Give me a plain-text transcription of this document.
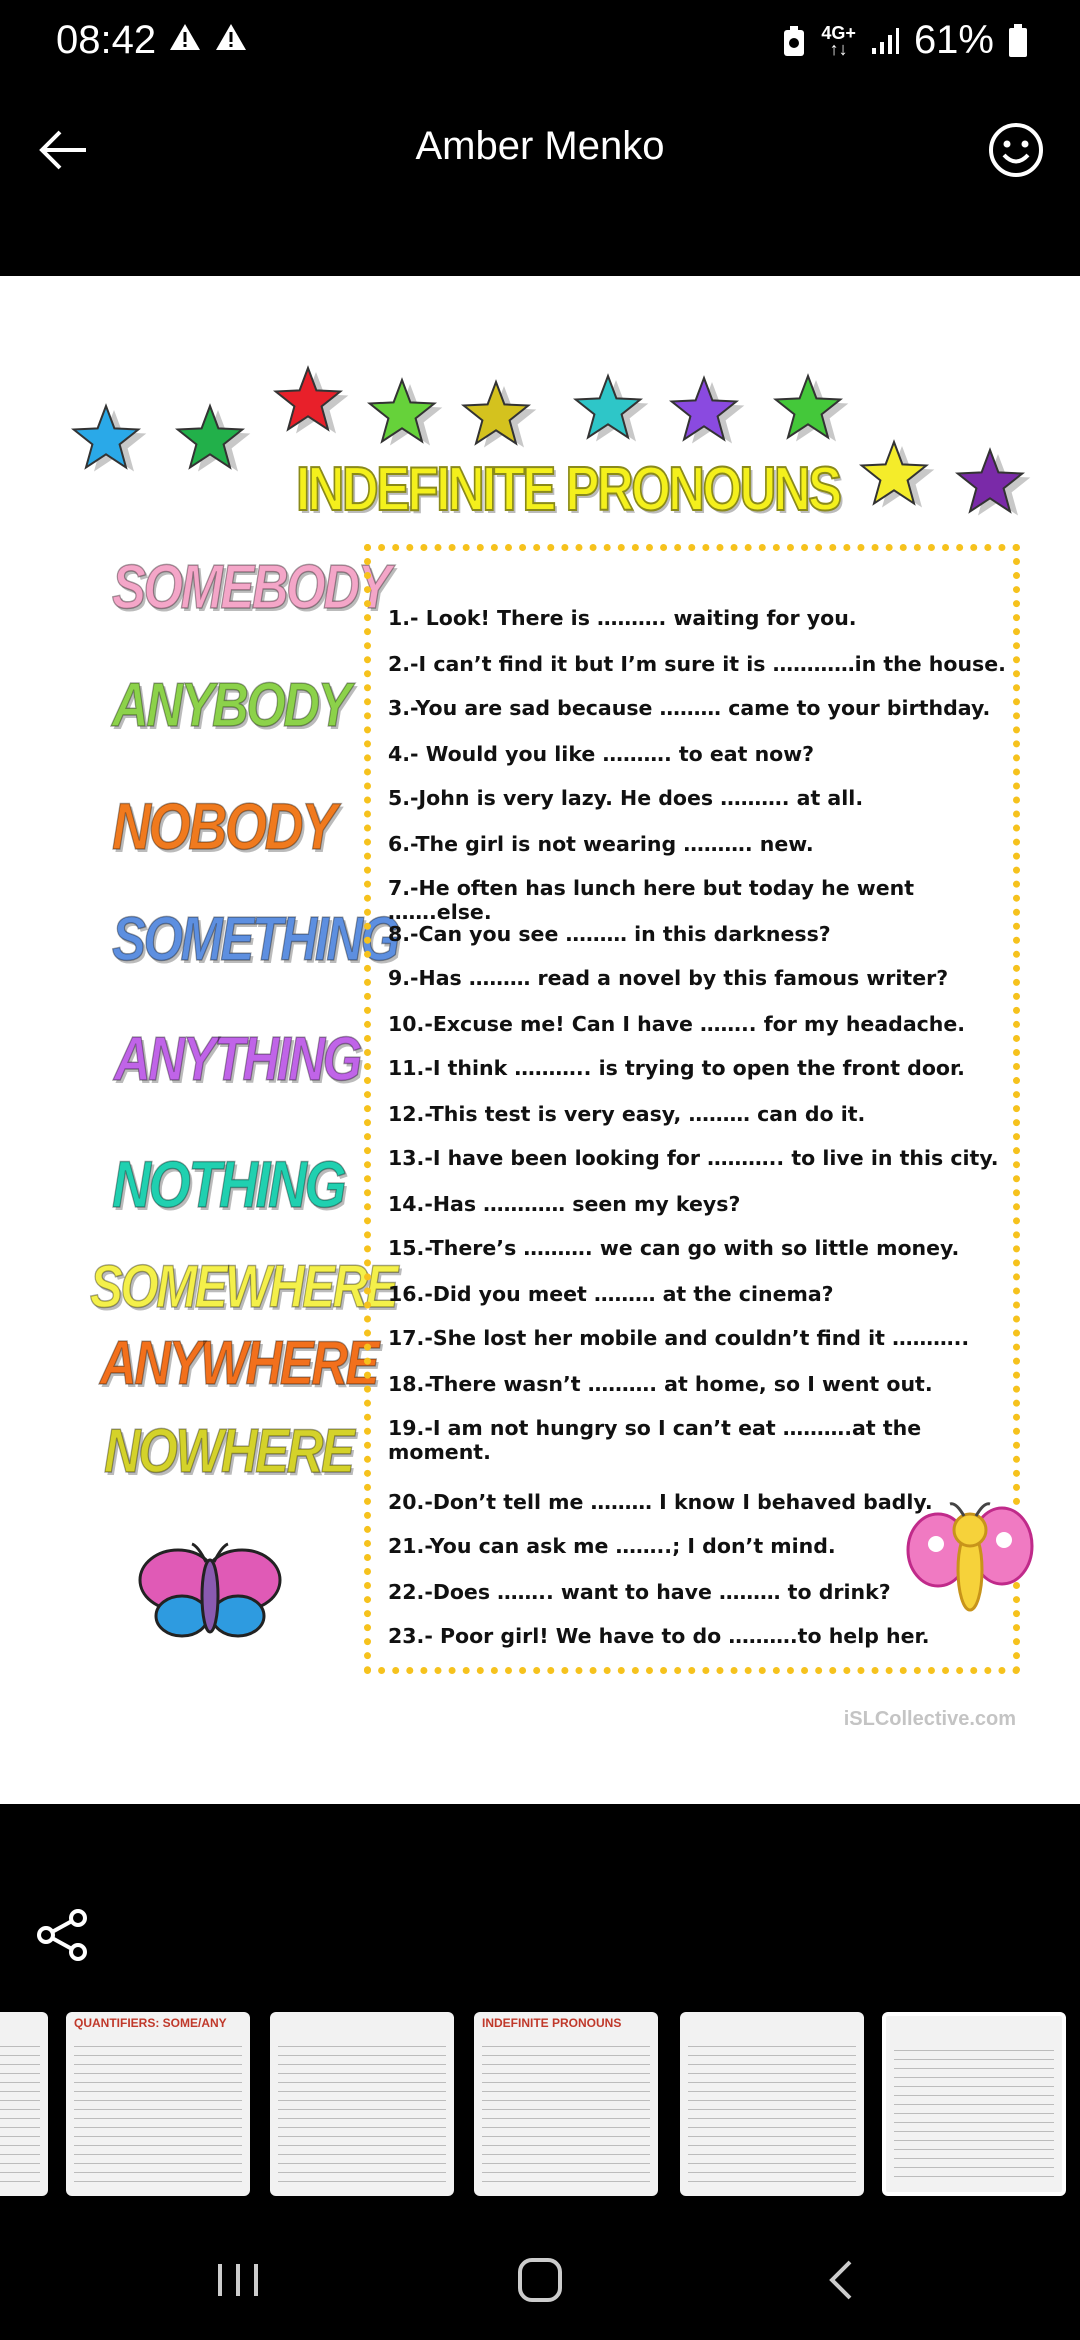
08:42	4G+
↑↓ 61%
Amber Menko
INDEFINITE PRONOUNS
SOMEBODY
ANYBODY
NOBODY
SOMETHING
ANYTHING
NOTHING
SOMEWHERE
ANYWHERE
NOWHERE
1.- Look! There is ………. waiting for you.
2.-I can’t find it but I’m sure it is …………in the house.
3.-You are sad because ……… came to your birthday.
4.- Would you like ………. to eat now?
5.-John is very lazy. He does ………. at all.
6.-The girl is not wearing ………. new.
7.-He often has lunch here but today he went …….else.
8.-Can you see ……… in this darkness?
9.-Has ……… read a novel by this famous writer?
10.-Excuse me! Can I have …….. for my headache.
11.-I think ……….. is trying to open the front door.
12.-This test is very easy, ……… can do it.
13.-I have been looking for ……….. to live in this city.
14.-Has ………… seen my keys?
15.-There’s ………. we can go with so little money.
16.-Did you meet ……… at the cinema?
17.-She lost her mobile and couldn’t find it ………..
18.-There wasn’t ………. at home, so I went out.
19.-I am not hungry so I can’t eat ……….at the moment.
20.-Don’t tell me ……… I know I behaved badly.
21.-You can ask me ……..; I don’t mind.
22.-Does …….. want to have ……… to drink?
23.- Poor girl! We have to do ……….to help her.
iSLCollective.com
QUANTIFIERS: SOME/ANY	INDEFINITE PRONOUNS
